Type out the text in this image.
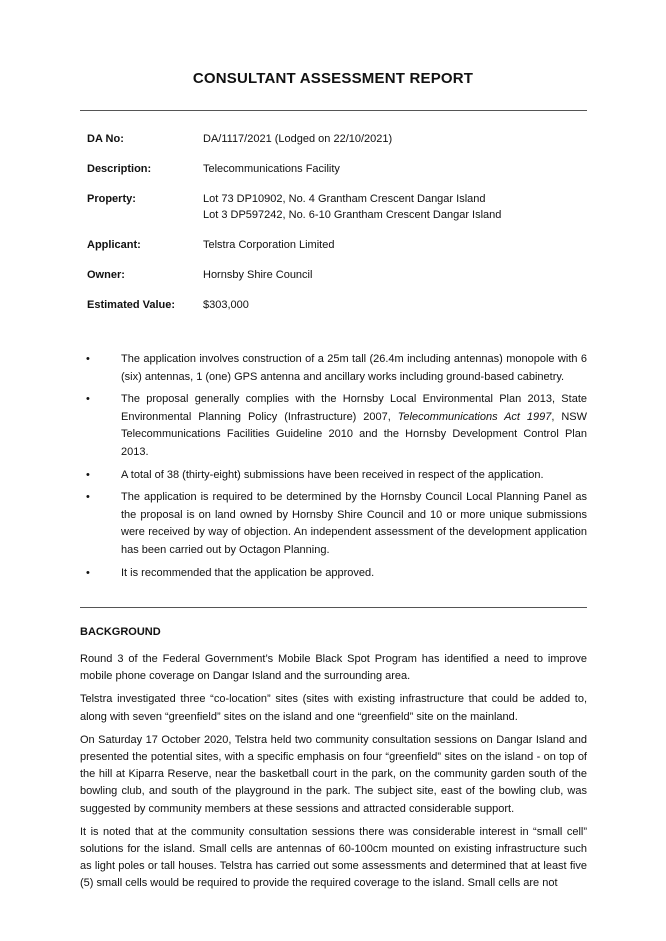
CONSULTANT ASSESSMENT REPORT
DA No:	DA/1117/2021 (Lodged on 22/10/2021)
Description:	Telecommunications Facility
Property:	Lot 73 DP10902, No. 4 Grantham Crescent Dangar Island
Lot 3 DP597242, No. 6-10 Grantham Crescent Dangar Island
Applicant:	Telstra Corporation Limited
Owner:	Hornsby Shire Council
Estimated Value:	$303,000
•	The application involves construction of a 25m tall (26.4m including antennas) monopole with 6 (six) antennas, 1 (one) GPS antenna and ancillary works including ground-based cabinetry.
•	The proposal generally complies with the Hornsby Local Environmental Plan 2013, State Environmental Planning Policy (Infrastructure) 2007, Telecommunications Act 1997, NSW Telecommunications Facilities Guideline 2010 and the Hornsby Development Control Plan 2013.
•	A total of 38 (thirty-eight) submissions have been received in respect of the application.
•	The application is required to be determined by the Hornsby Council Local Planning Panel as the proposal is on land owned by Hornsby Shire Council and 10 or more unique submissions were received by way of objection. An independent assessment of the development application has been carried out by Octagon Planning.
•	It is recommended that the application be approved.
BACKGROUND

Round 3 of the Federal Government’s Mobile Black Spot Program has identified a need to improve mobile phone coverage on Dangar Island and the surrounding area.

Telstra investigated three “co-location” sites (sites with existing infrastructure that could be added to, along with seven “greenfield” sites on the island and one “greenfield” site on the mainland.

On Saturday 17 October 2020, Telstra held two community consultation sessions on Dangar Island and presented the potential sites, with a specific emphasis on four “greenfield” sites on the island - on top of the hill at Kiparra Reserve, near the basketball court in the park, on the community garden south of the bowling club, and south of the playground in the park. The subject site, east of the bowling club, was suggested by community members at these sessions and attracted considerable support.

It is noted that at the community consultation sessions there was considerable interest in “small cell” solutions for the island. Small cells are antennas of 60-100cm mounted on existing infrastructure such as light poles or tall houses. Telstra has carried out some assessments and determined that at least five (5) small cells would be required to provide the required coverage to the island. Small cells are not
